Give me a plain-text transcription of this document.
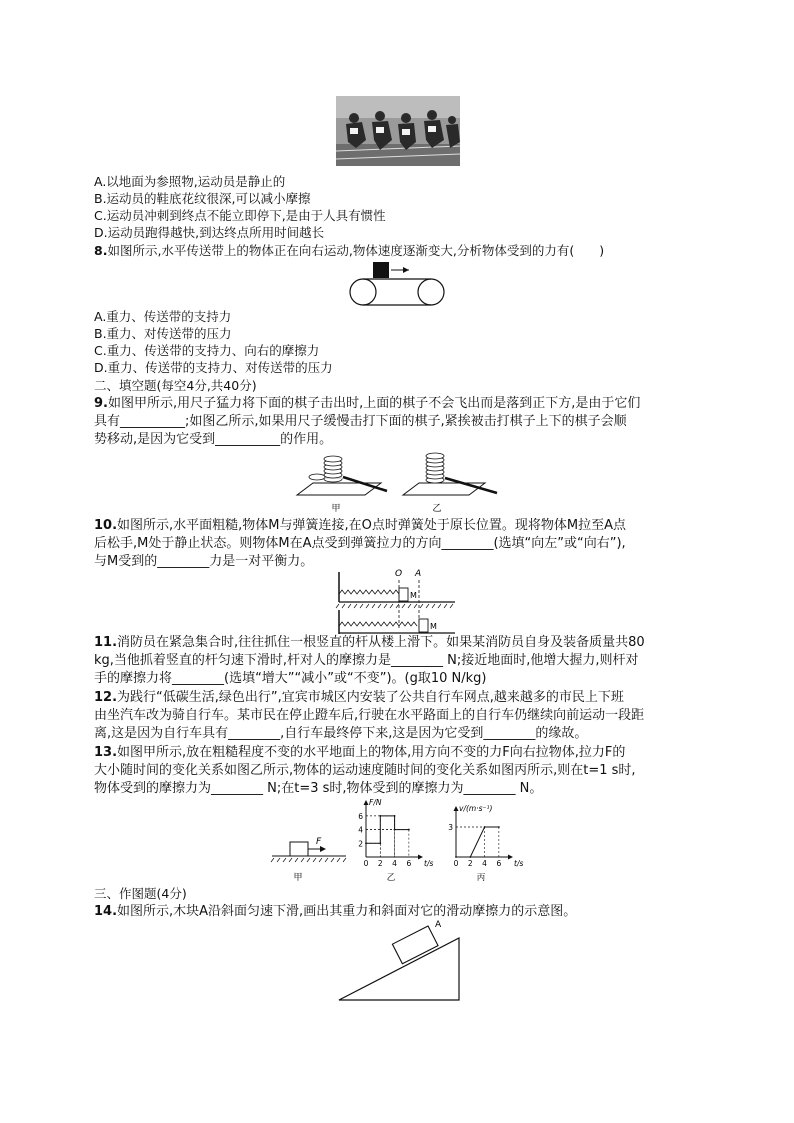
A.以地面为参照物,运动员是静止的
B.运动员的鞋底花纹很深,可以减小摩擦
C.运动员冲刺到终点不能立即停下,是由于人具有惯性
D.运动员跑得越快,到达终点所用时间越长
8.如图所示,水平传送带上的物体正在向右运动,物体速度逐渐变大,分析物体受到的力有(　　)
A.重力、传送带的支持力
B.重力、对传送带的压力
C.重力、传送带的支持力、向右的摩擦力
D.重力、传送带的支持力、对传送带的压力
二、填空题(每空4分,共40分)
9.如图甲所示,用尺子猛力将下面的棋子击出时,上面的棋子不会飞出而是落到正下方,是由于它们
具有__________;如图乙所示,如果用尺子缓慢击打下面的棋子,紧挨被击打棋子上下的棋子会顺
势移动,是因为它受到__________的作用。
甲	乙
10.如图所示,水平面粗糙,物体M与弹簧连接,在O点时弹簧处于原长位置。现将物体M拉至A点
后松手,M处于静止状态。则物体M在A点受到弹簧拉力的方向________(选填“向左”或“向右”),
与M受到的________力是一对平衡力。
M
O A
M
11.消防员在紧急集合时,往往抓住一根竖直的杆从楼上滑下。如果某消防员自身及装备质量共80
kg,当他抓着竖直的杆匀速下滑时,杆对人的摩擦力是________ N;接近地面时,他增大握力,则杆对
手的摩擦力将________(选填“增大”“减小”或“不变”)。(g取10 N/kg)
12.为践行“低碳生活,绿色出行”,宜宾市城区内安装了公共自行车网点,越来越多的市民上下班
由坐汽车改为骑自行车。某市民在停止蹬车后,行驶在水平路面上的自行车仍继续向前运动一段距
离,这是因为自行车具有________,自行车最终停下来,这是因为它受到________的缘故。
13.如图甲所示,放在粗糙程度不变的水平地面上的物体,用方向不变的力F向右拉物体,拉力F的
大小随时间的变化关系如图乙所示,物体的运动速度随时间的变化关系如图丙所示,则在t=1 s时,
物体受到的摩擦力为________ N;在t=3 s时,物体受到的摩擦力为________ N。
F
甲
F/N
t/s
0 2 4 6
2
4
6
乙
v/(m·s⁻¹)
t/s
0 2 4 6
3
丙
三、作图题(4分)
14.如图所示,木块A沿斜面匀速下滑,画出其重力和斜面对它的滑动摩擦力的示意图。
A
